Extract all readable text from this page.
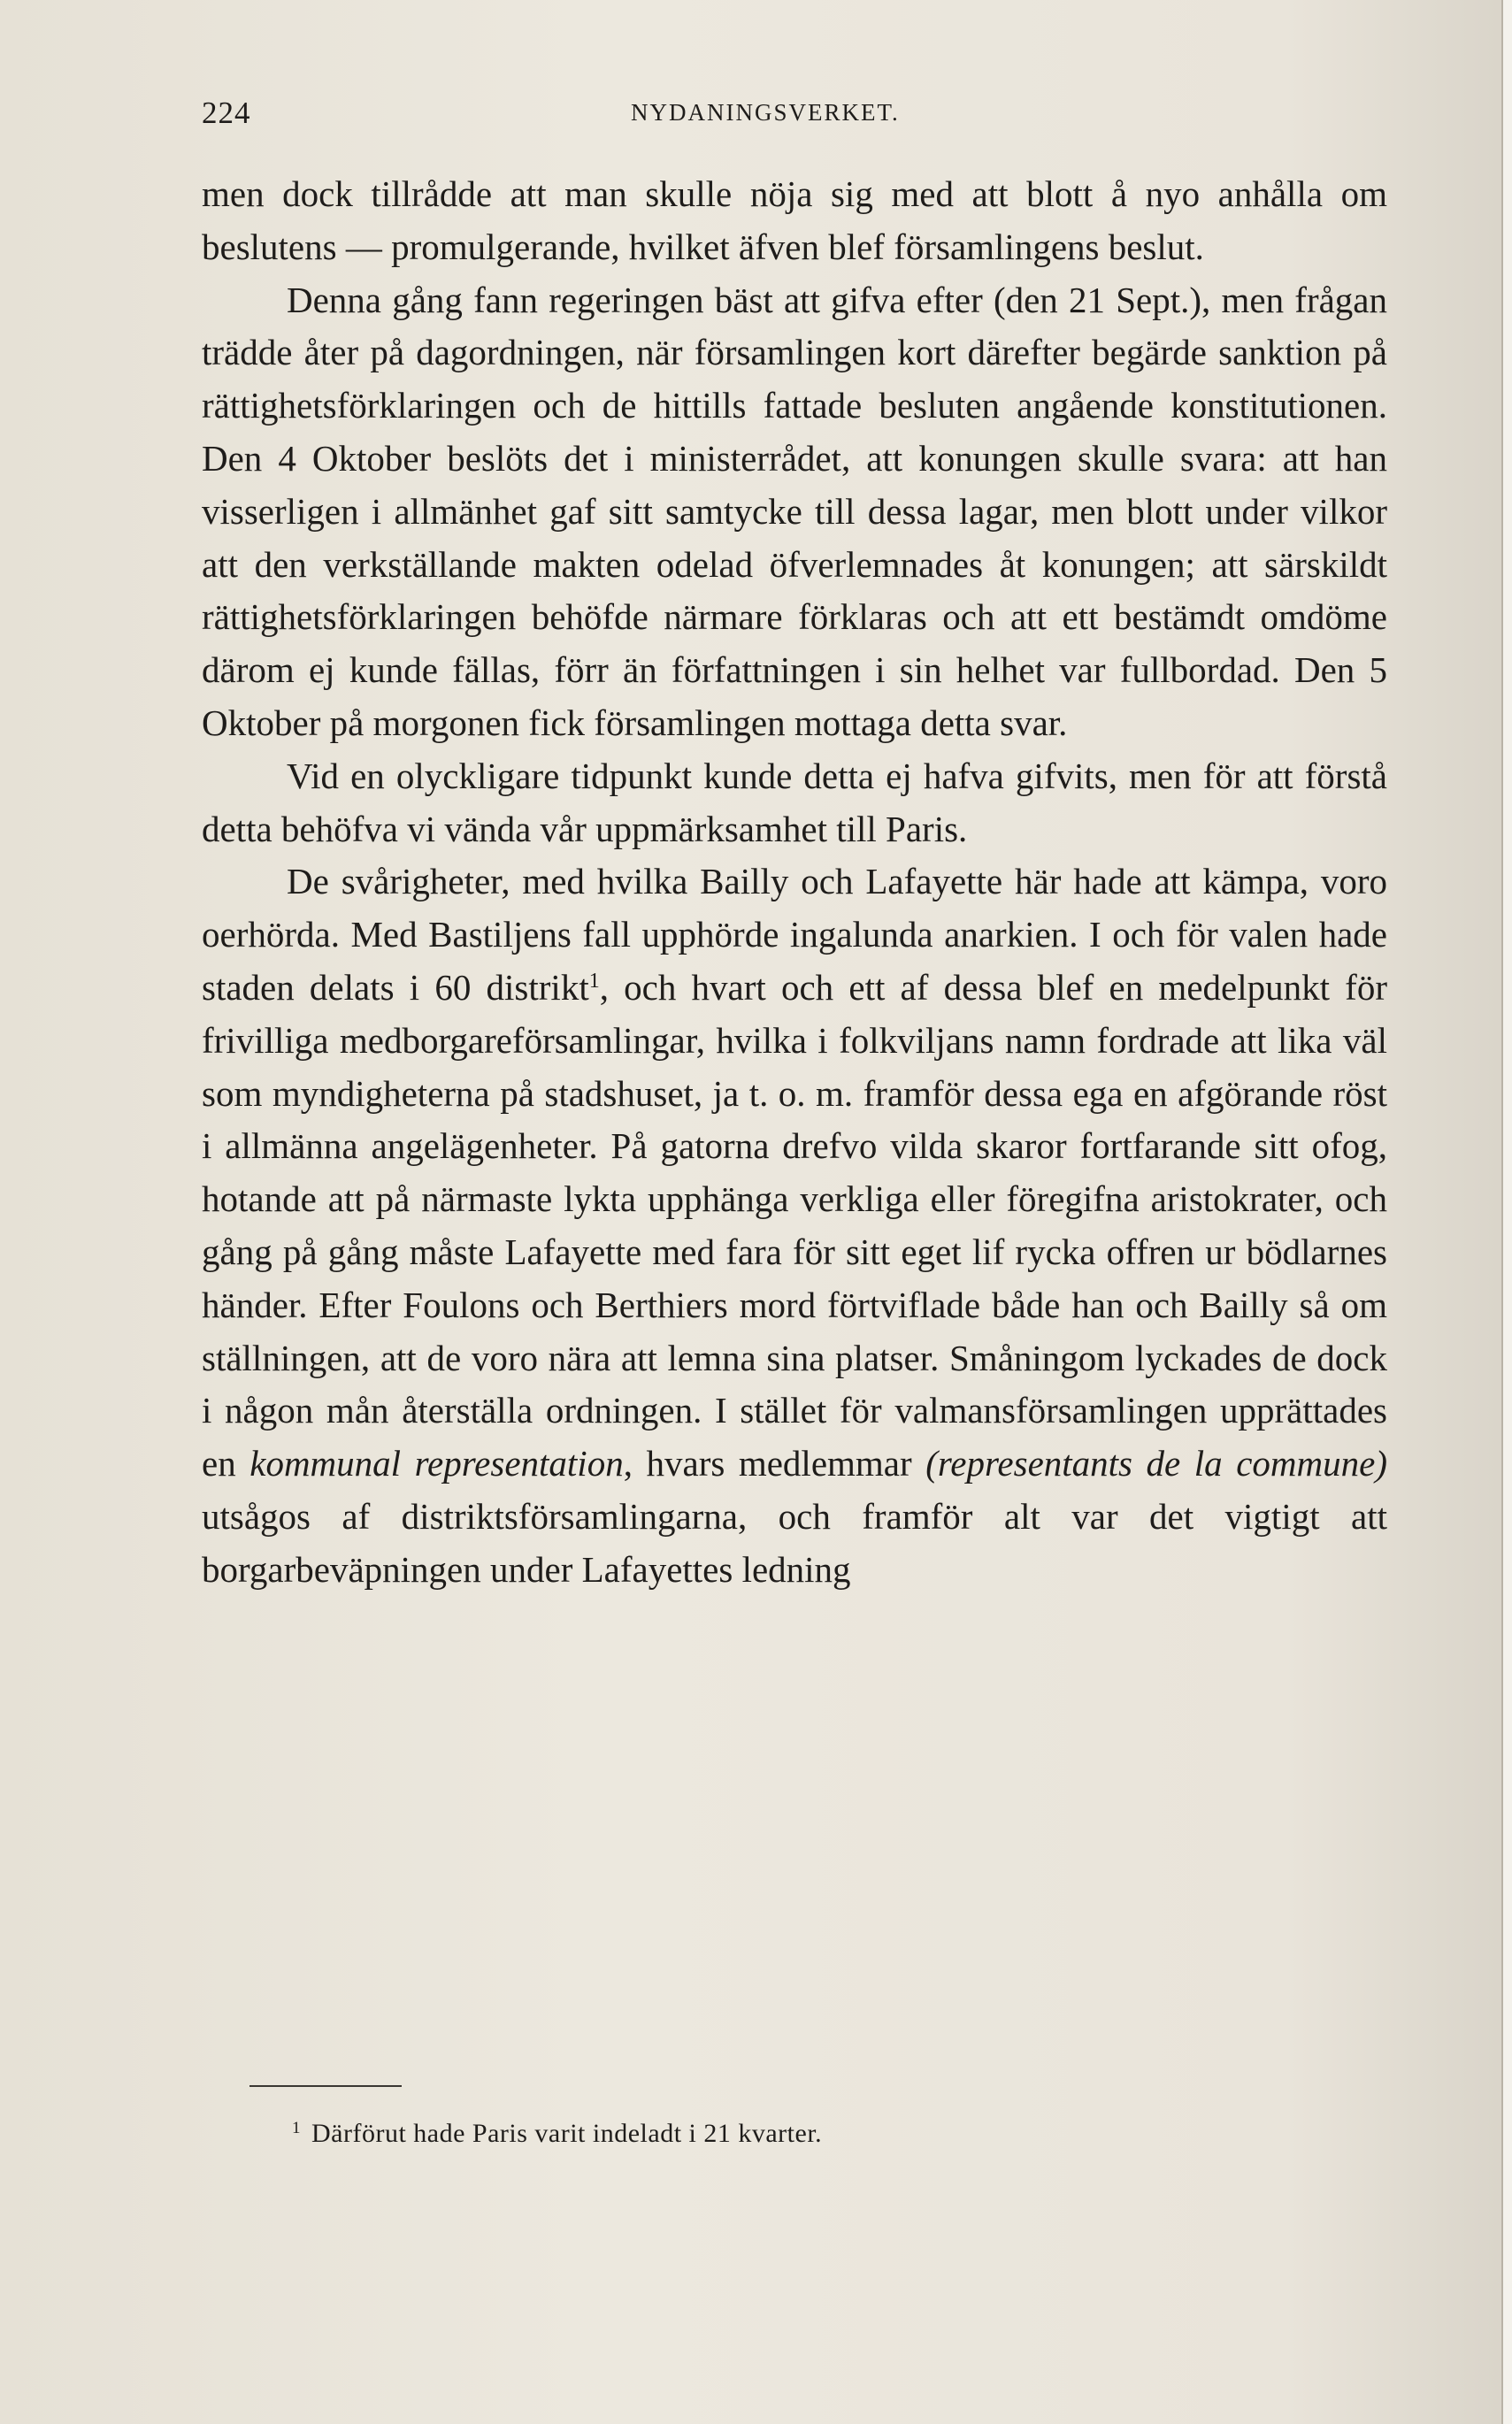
224	NYDANINGSVERKET.

men dock tillrådde att man skulle nöja sig med att blott å nyo anhålla om beslutens — promulgerande, hvilket äfven blef församlingens beslut.

Denna gång fann regeringen bäst att gifva efter (den 21 Sept.), men frågan trädde åter på dagordningen, när församlingen kort därefter begärde sanktion på rättighetsförklaringen och de hittills fattade besluten angående konstitutionen. Den 4 Oktober beslöts det i ministerrådet, att konungen skulle svara: att han visserligen i allmänhet gaf sitt samtycke till dessa lagar, men blott under vilkor att den verkställande makten odelad öfverlemnades åt konungen; att särskildt rättighetsförklaringen behöfde närmare förklaras och att ett bestämdt omdöme därom ej kunde fällas, förr än författningen i sin helhet var fullbordad. Den 5 Oktober på morgonen fick församlingen mottaga detta svar.

Vid en olyckligare tidpunkt kunde detta ej hafva gifvits, men för att förstå detta behöfva vi vända vår uppmärksamhet till Paris.

De svårigheter, med hvilka Bailly och Lafayette här hade att kämpa, voro oerhörda. Med Bastiljens fall upphörde ingalunda anarkien. I och för valen hade staden delats i 60 distrikt$^1$, och hvart och ett af dessa blef en medelpunkt för frivilliga medborgareförsamlingar, hvilka i folkviljans namn fordrade att lika väl som myndigheterna på stadshuset, ja t. o. m. framför dessa ega en afgörande röst i allmänna angelägenheter. På gatorna drefvo vilda skaror fortfarande sitt ofog, hotande att på närmaste lykta upphänga verkliga eller föregifna aristokrater, och gång på gång måste Lafayette med fara för sitt eget lif rycka offren ur bödlarnes händer. Efter Foulons och Berthiers mord förtviflade både han och Bailly så om ställningen, att de voro nära att lemna sina platser. Småningom lyckades de dock i någon mån återställa ordningen. I stället för valmansförsamlingen upprättades en kommunal representation, hvars medlemmar (representants de la commune) utsågos af distriktsförsamlingarna, och framför alt var det vigtigt att borgarbeväpningen under Lafayettes ledning

$^1$ Därförut hade Paris varit indeladt i 21 kvarter.
